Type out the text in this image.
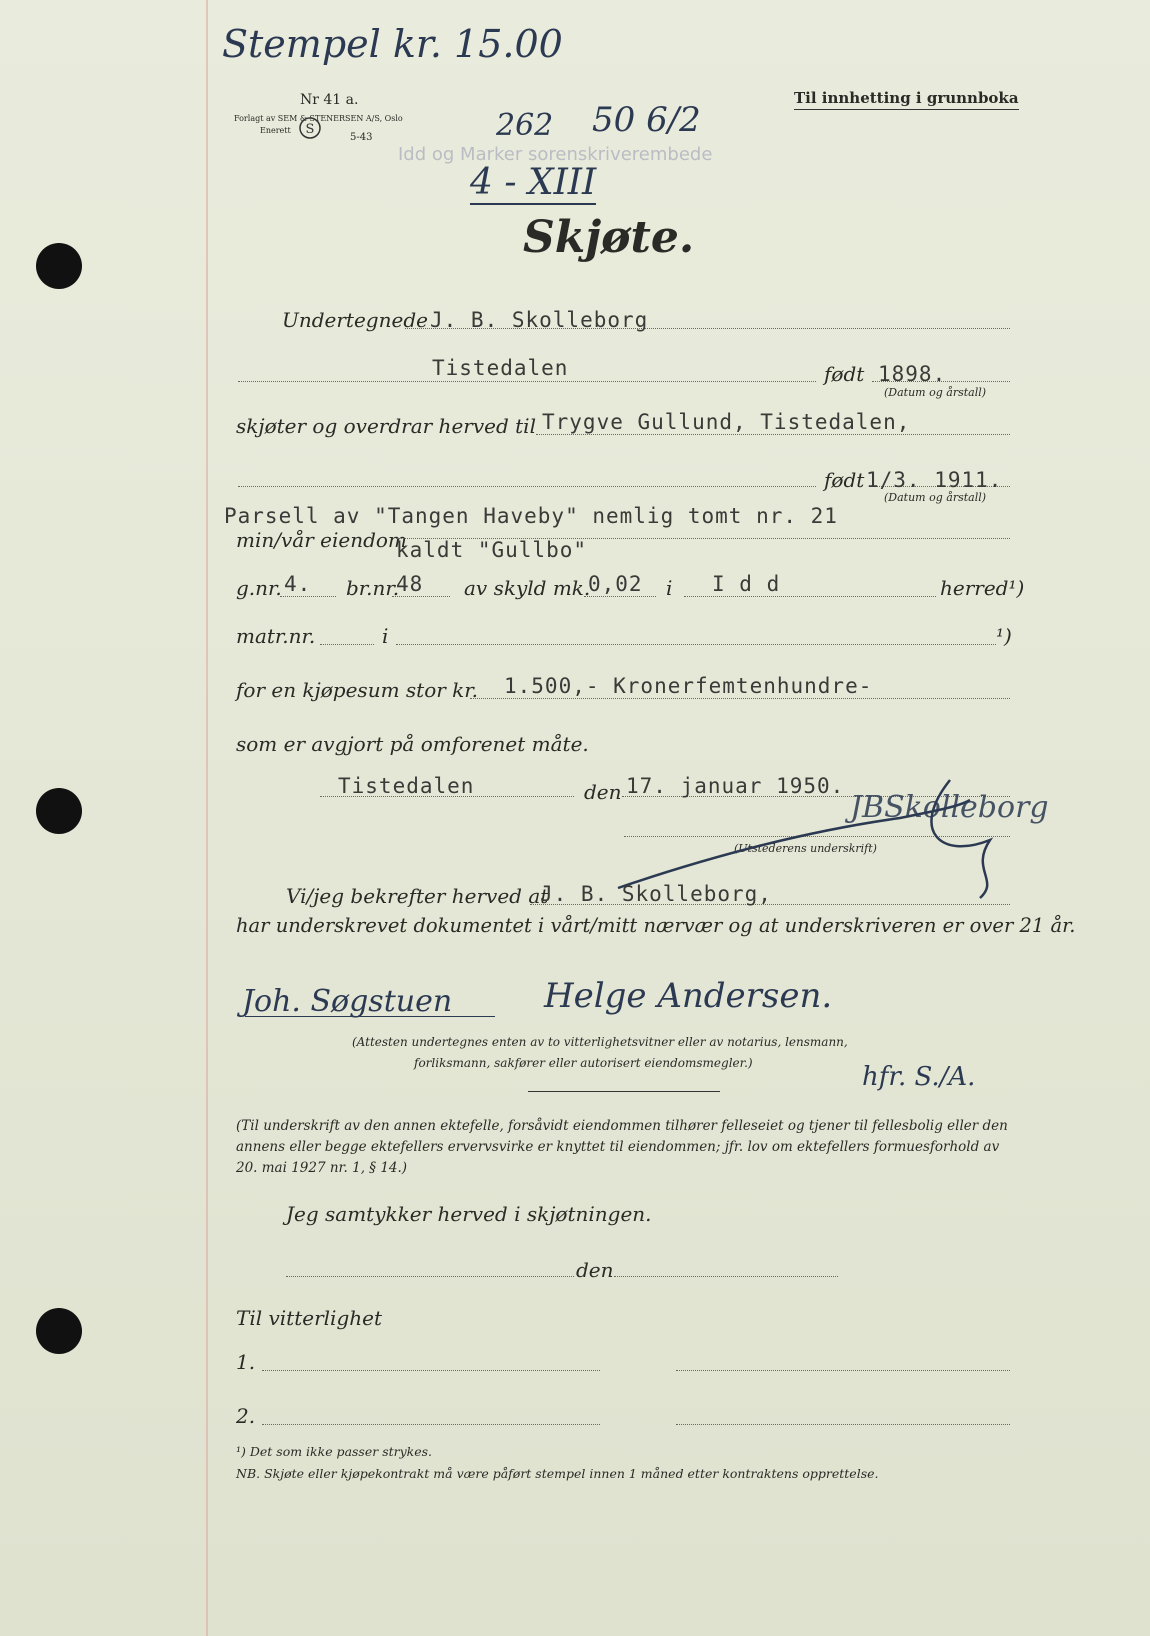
Stempel kr. 15.00
Nr 41 a.
Forlagt av SEM & STENERSEN A/S, Oslo
Enerett S
5-43	262 50 6/2
Idd og Marker sorenskriverembede
Til innhetting i grunnboka
4 - XIII
Skjøte.
Undertegnede J. B. Skolleborg
Tistedalen	født 1898.
(Datum og årstall)
skjøter og overdrar herved til Trygve Gullund, Tistedalen,
født 1/3. 1911.
(Datum og årstall)
Parsell av "Tangen Haveby" nemlig tomt nr. 21
min/vår eiendom
kaldt "Gullbo"
g.nr. 4. br.nr.
48 av skyld mk.
0,02 i I d d	herred¹)
matr.nr.	i	¹)
for en kjøpesum stor kr. 1.500,- Kronerfemtenhundre-
som er avgjort på omforenet måte.
Tistedalen	den 17. januar 1950.
(Utstederens underskrift)
JBSkolleborg
Vi/jeg bekrefter herved at
J. B. Skolleborg,
har underskrevet dokumentet i vårt/mitt nærvær og at underskriveren er over 21 år.
Joh. Søgstuen	Helge Andersen.
(Attesten undertegnes enten av to vitterlighetsvitner eller av notarius, lensmann,
forliksmann, sakfører eller autorisert eiendomsmegler.)	hfr. S./A.
(Til underskrift av den annen ektefelle, forsåvidt eiendommen tilhører felleseiet og tjener til fellesbolig eller den annens eller begge ektefellers ervervsvirke er knyttet til eiendommen; jfr. lov om ektefellers formuesforhold av 20. mai 1927 nr. 1, § 14.)
Jeg samtykker herved i skjøtningen.
den
Til vitterlighet
1.
2.
¹) Det som ikke passer strykes.
NB. Skjøte eller kjøpekontrakt må være påført stempel innen 1 måned etter kontraktens opprettelse.
